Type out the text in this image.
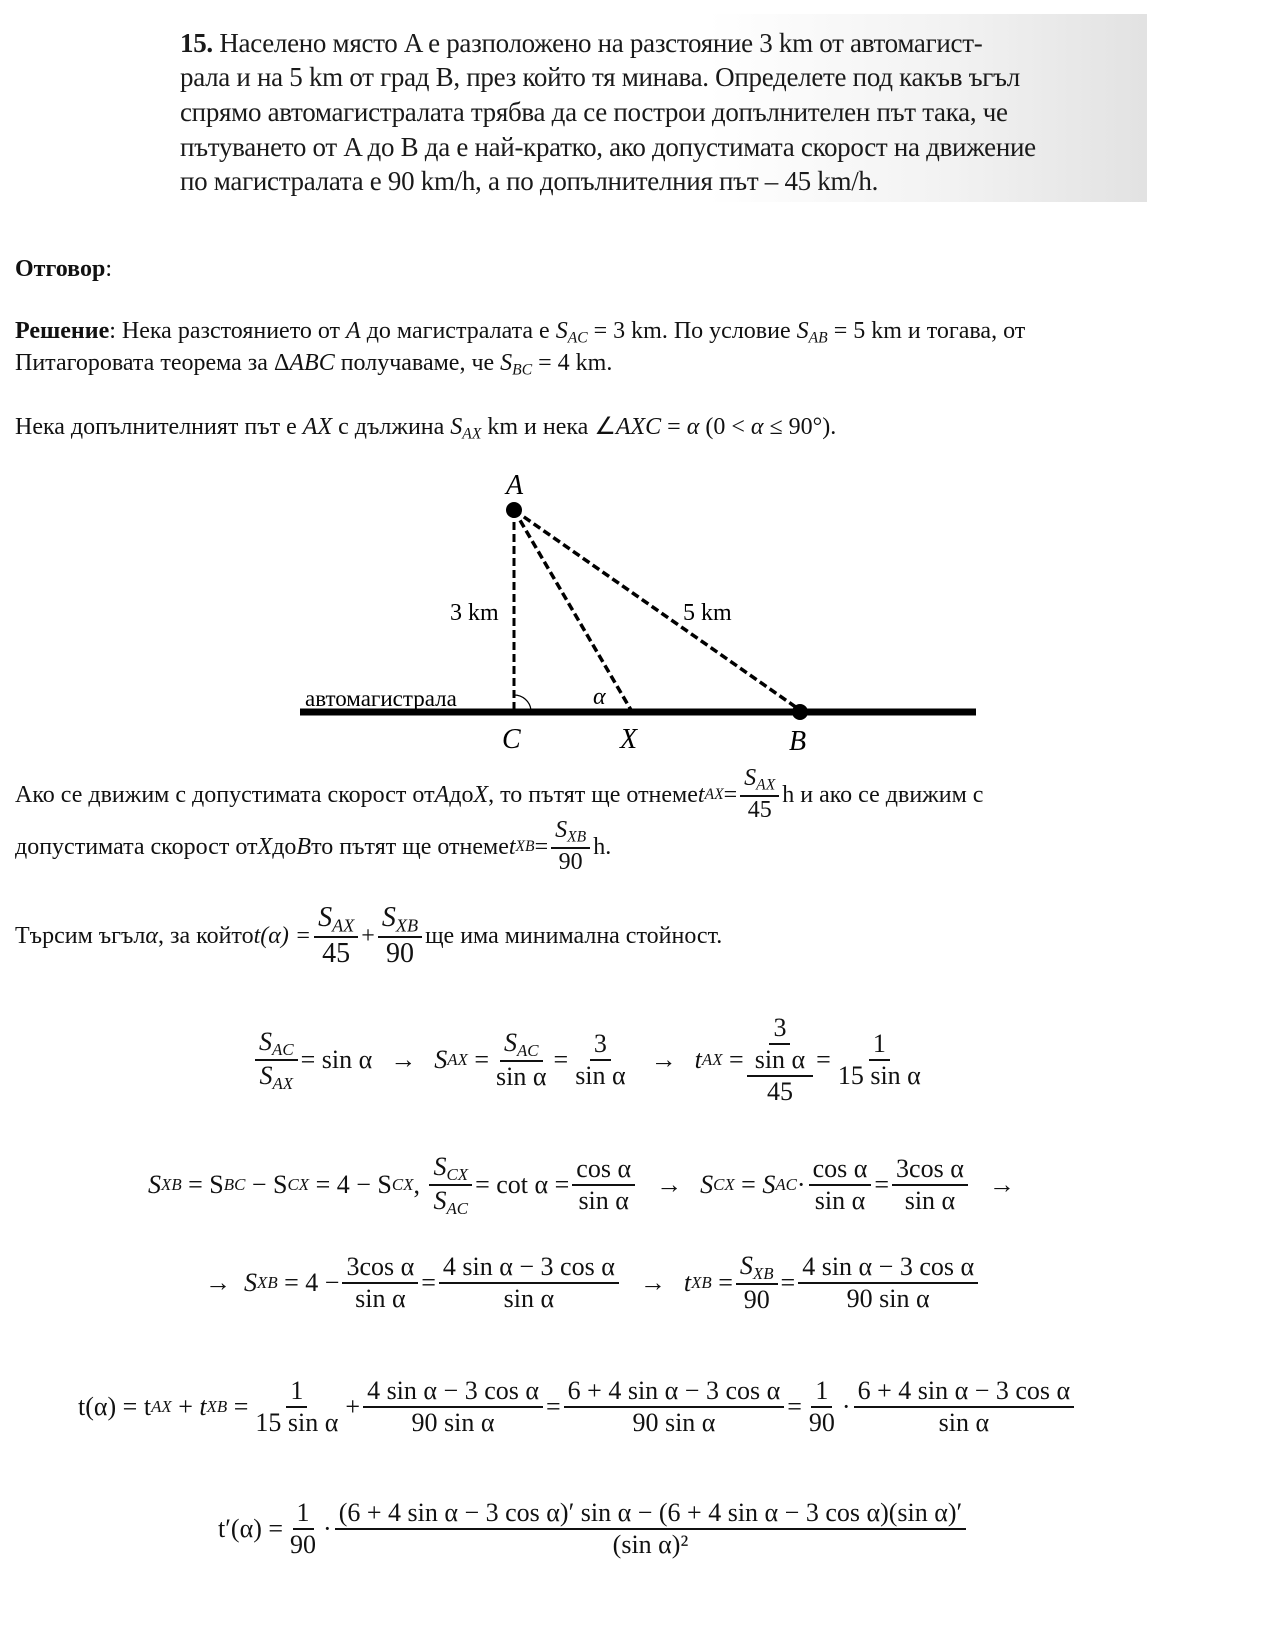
15. Населено място A е разположено на разстояние 3 km от автомагист-
рала и на 5 km от град B, през който тя минава. Определете под какъв ъгъл
спрямо автомагистралата трябва да се построи допълнителен път така, че
пътуването от A до B да е най-кратко, ако допустимата скорост на движение
по магистралата е 90 km/h, а по допълнителния път – 45 km/h.
Отговор:
Решение: Нека разстоянието от A до магистралата е $S_{AC} = 3$ km. По условие $S_{AB} = 5$ km и тогава, от
Питагоровата теорема за ΔABC получаваме, че $S_{BC} = 4$ km.
Нека допълнителният път е AX с дължина $S_{AX}$ km и нека ∠AXC = α (0 < α ≤ 90°).
A
C	X	B
α
3 km	5 km
автомагистрала
Ако се движим с допустимата скорост от A до X , то пътят ще отнеме t AX = $\frac{S_{AX}}{45}$ h и ако се движим с
допустимата скорост от X до B то пътят ще отнеме t XB = $\frac{S_{XB}}{90} h$.
Търсим ъгъл α , за който $t(\alpha) = \frac{S_{AX}}{45} + \frac{S_{XB}}{90}$ ще има минимална стойност.
$\frac{S_{AC}}{S_{AX}} = \sin \alpha \to S$ AX = $\frac{S_{AC}}{\text{sin α}} = \frac{3}{\text{sin α}} \to t$ AX = $\frac{\frac{3}{\text{sin α}}}{45} = \frac{1}{\text{15 sin α}}$
S XB
= S BC
− S CX
= 4 − S CX , $\frac{S_{CX}}{S_{AC}} = \cot \alpha = \frac{\text{cos α}}{\text{sin α}} \to S$ CX = S AC · $\frac{\text{cos α}}{\text{sin α}} = \frac{\text{3cos α}}{\text{sin α}}$ →
→
S XB
= $4 - \frac{\text{3cos α}}{\text{sin α}} = \frac{\text{4 sin α − 3 cos α}}{\text{sin α}} \to t$ XB = $\frac{S_{XB}}{90} = \frac{\text{4 sin α − 3 cos α}}{\text{90 sin α}}$
t(α) = t AX + t XB = $\frac{1}{\text{15 sin α}} + \frac{\text{4 sin α − 3 cos α}}{\text{90 sin α}} = \frac{\text{6 + 4 sin α − 3 cos α}}{\text{90 sin α}} = \frac{1}{90} \cdot \frac{\text{6 + 4 sin α − 3 cos α}}{\text{sin α}}$
$t'(\alpha) = \frac{1}{90}$ ·
(6 + 4 sin α − 3 cos α)′ sin α − (6 + 4 sin α − 3 cos α)(sin α)′
(sin α)²
